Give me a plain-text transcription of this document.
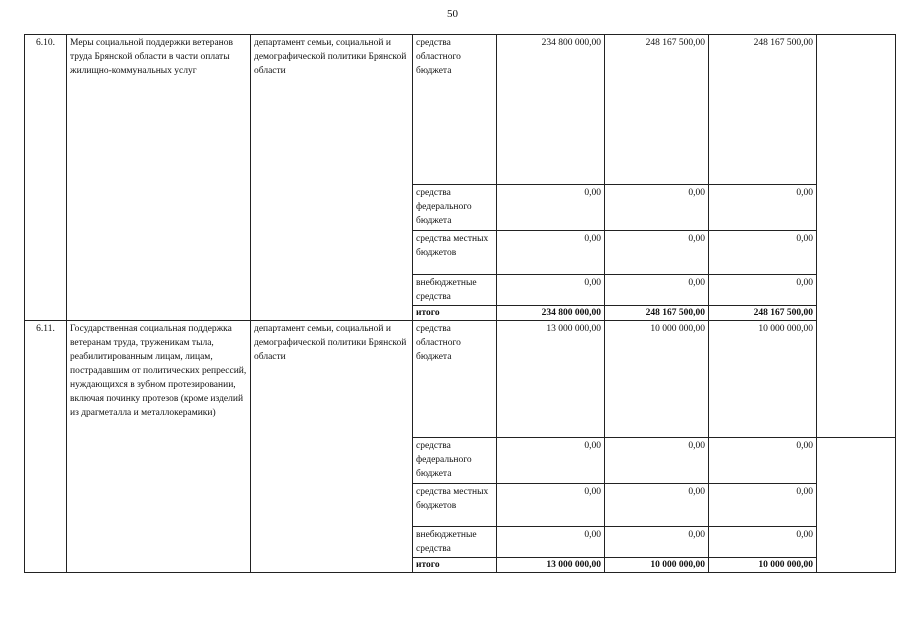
50
6.10.	Меры социальной поддержки ветеранов труда Брянской области в части оплаты жилищно-коммунальных услуг	департамент семьи, социальной и демографической политики Брянской области	средства областного бюджета	234 800 000,00	248 167 500,00	248 167 500,00	
			средства федерального бюджета	0,00	0,00	0,00	
			средства местных бюджетов	0,00	0,00	0,00	
			внебюджетные средства	0,00	0,00	0,00	
			итого	234 800 000,00	248 167 500,00	248 167 500,00	
6.11.	Государственная социальная поддержка ветеранам труда, труженикам тыла, реабилитированным лицам, лицам, пострадавшим от политических репрессий, нуждающихся в зубном протезировании, включая починку протезов (кроме изделий из драгметалла и металлокерамики)	департамент семьи, социальной и демографической политики Брянской области	средства областного бюджета	13 000 000,00	10 000 000,00	10 000 000,00	
			средства федерального бюджета	0,00	0,00	0,00	
			средства местных бюджетов	0,00	0,00	0,00	
			внебюджетные средства	0,00	0,00	0,00	
			итого	13 000 000,00	10 000 000,00	10 000 000,00	
